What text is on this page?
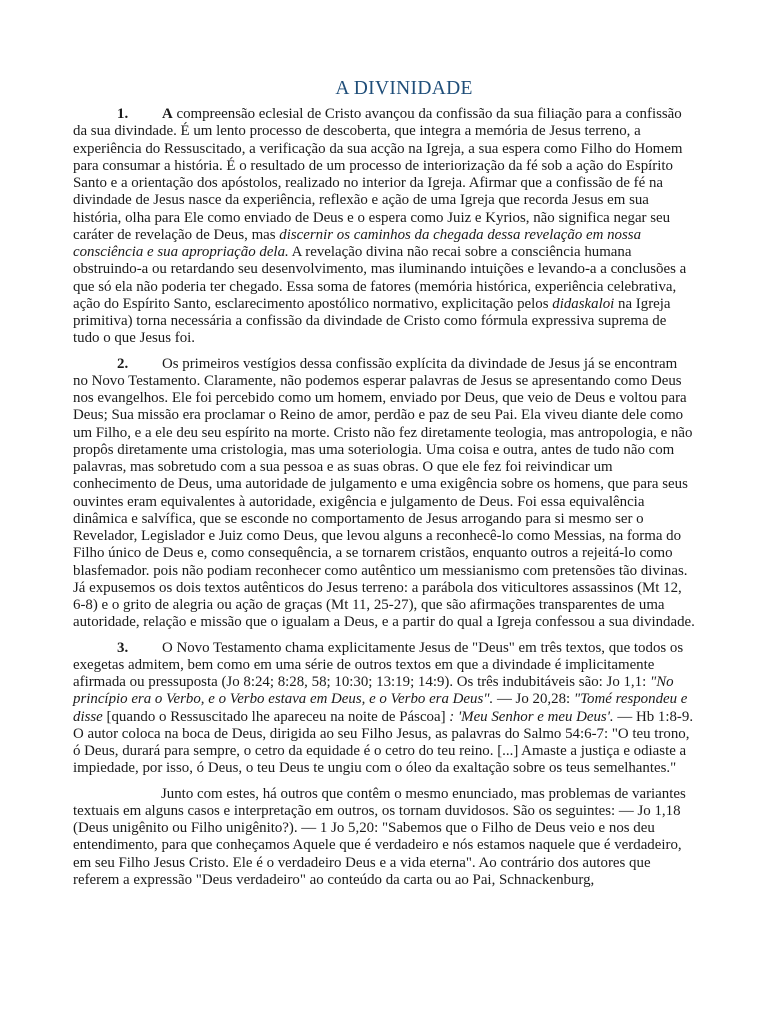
A DIVINIDADE

1. A compreensão eclesial de Cristo avançou da confissão da sua filiação para a confissão da sua divindade. É um lento processo de descoberta, que integra a memória de Jesus terreno, a experiência do Ressuscitado, a verificação da sua acção na Igreja, a sua espera como Filho do Homem para consumar a história. É o resultado de um processo de interiorização da fé sob a ação do Espírito Santo e a orientação dos apóstolos, realizado no interior da Igreja. Afirmar que a confissão de fé na divindade de Jesus nasce da experiência, reflexão e ação de uma Igreja que recorda Jesus em sua história, olha para Ele como enviado de Deus e o espera como Juiz e Kyrios, não significa negar seu caráter de revelação de Deus, mas discernir os caminhos da chegada dessa revelação em nossa consciência e sua apropriação dela. A revelação divina não recai sobre a consciência humana obstruindo-a ou retardando seu desenvolvimento, mas iluminando intuições e levando-a a conclusões a que só ela não poderia ter chegado. Essa soma de fatores (memória histórica, experiência celebrativa, ação do Espírito Santo, esclarecimento apostólico normativo, explicitação pelos didaskaloi na Igreja primitiva) torna necessária a confissão da divindade de Cristo como fórmula expressiva suprema de tudo o que Jesus foi.

2. Os primeiros vestígios dessa confissão explícita da divindade de Jesus já se encontram no Novo Testamento. Claramente, não podemos esperar palavras de Jesus se apresentando como Deus nos evangelhos. Ele foi percebido como um homem, enviado por Deus, que veio de Deus e voltou para Deus; Sua missão era proclamar o Reino de amor, perdão e paz de seu Pai. Ela viveu diante dele como um Filho, e a ele deu seu espírito na morte. Cristo não fez diretamente teologia, mas antropologia, e não propôs diretamente uma cristologia, mas uma soteriologia. Uma coisa e outra, antes de tudo não com palavras, mas sobretudo com a sua pessoa e as suas obras. O que ele fez foi reivindicar um conhecimento de Deus, uma autoridade de julgamento e uma exigência sobre os homens, que para seus ouvintes eram equivalentes à autoridade, exigência e julgamento de Deus. Foi essa equivalência dinâmica e salvífica, que se esconde no comportamento de Jesus arrogando para si mesmo ser o Revelador, Legislador e Juiz como Deus, que levou alguns a reconhecê-lo como Messias, na forma do Filho único de Deus e, como consequência, a se tornarem cristãos, enquanto outros a rejeitá-lo como blasfemador. pois não podiam reconhecer como autêntico um messianismo com pretensões tão divinas. Já expusemos os dois textos autênticos do Jesus terreno: a parábola dos viticultores assassinos (Mt 12, 6-8) e o grito de alegria ou ação de graças (Mt 11, 25-27), que são afirmações transparentes de uma autoridade, relação e missão que o igualam a Deus, e a partir do qual a Igreja confessou a sua divindade.

3. O Novo Testamento chama explicitamente Jesus de "Deus" em três textos, que todos os exegetas admitem, bem como em uma série de outros textos em que a divindade é implicitamente afirmada ou pressuposta (Jo 8:24; 8:28, 58; 10:30; 13:19; 14:9). Os três indubitáveis são: Jo 1,1: "No princípio era o Verbo, e o Verbo estava em Deus, e o Verbo era Deus". — Jo 20,28: "Tomé respondeu e disse [quando o Ressuscitado lhe apareceu na noite de Páscoa] : 'Meu Senhor e meu Deus'. — Hb 1:8-9. O autor coloca na boca de Deus, dirigida ao seu Filho Jesus, as palavras do Salmo 54:6-7: "O teu trono, ó Deus, durará para sempre, o cetro da equidade é o cetro do teu reino. [...] Amaste a justiça e odiaste a impiedade, por isso, ó Deus, o teu Deus te ungiu com o óleo da exaltação sobre os teus semelhantes."

Junto com estes, há outros que contêm o mesmo enunciado, mas problemas de variantes textuais em alguns casos e interpretação em outros, os tornam duvidosos. São os seguintes: — Jo 1,18 (Deus unigênito ou Filho unigênito?). — 1 Jo 5,20: "Sabemos que o Filho de Deus veio e nos deu entendimento, para que conheçamos Aquele que é verdadeiro e nós estamos naquele que é verdadeiro, em seu Filho Jesus Cristo. Ele é o verdadeiro Deus e a vida eterna". Ao contrário dos autores que referem a expressão "Deus verdadeiro" ao conteúdo da carta ou ao Pai, Schnackenburg,
